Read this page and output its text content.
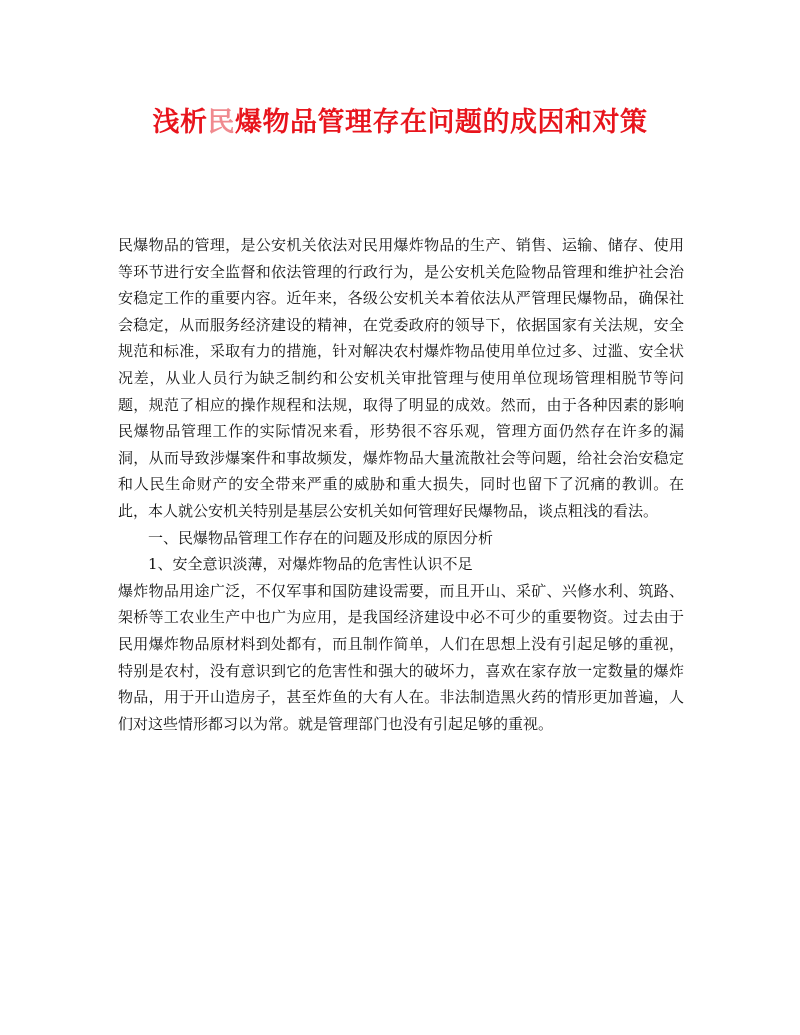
浅析民爆物品管理存在问题的成因和对策

民爆物品的管理，是公安机关依法对民用爆炸物品的生产、销售、运输、储存、使用等环节进行安全监督和依法管理的行政行为，是公安机关危险物品管理和维护社会治安稳定工作的重要内容。近年来，各级公安机关本着依法从严管理民爆物品，确保社会稳定，从而服务经济建设的精神，在党委政府的领导下，依据国家有关法规，安全规范和标准，采取有力的措施，针对解决农村爆炸物品使用单位过多、过滥、安全状况差，从业人员行为缺乏制约和公安机关审批管理与使用单位现场管理相脱节等问题，规范了相应的操作规程和法规，取得了明显的成效。然而，由于各种因素的影响民爆物品管理工作的实际情况来看，形势很不容乐观，管理方面仍然存在许多的漏洞，从而导致涉爆案件和事故频发，爆炸物品大量流散社会等问题，给社会治安稳定和人民生命财产的安全带来严重的威胁和重大损失，同时也留下了沉痛的教训。在此，本人就公安机关特别是基层公安机关如何管理好民爆物品，谈点粗浅的看法。

一、民爆物品管理工作存在的问题及形成的原因分析

1、安全意识淡薄，对爆炸物品的危害性认识不足

爆炸物品用途广泛，不仅军事和国防建设需要，而且开山、采矿、兴修水利、筑路、架桥等工农业生产中也广为应用，是我国经济建设中必不可少的重要物资。过去由于民用爆炸物品原材料到处都有，而且制作简单，人们在思想上没有引起足够的重视，特别是农村，没有意识到它的危害性和强大的破坏力，喜欢在家存放一定数量的爆炸物品，用于开山造房子，甚至炸鱼的大有人在。非法制造黑火药的情形更加普遍，人们对这些情形都习以为常。就是管理部门也没有引起足够的重视。
